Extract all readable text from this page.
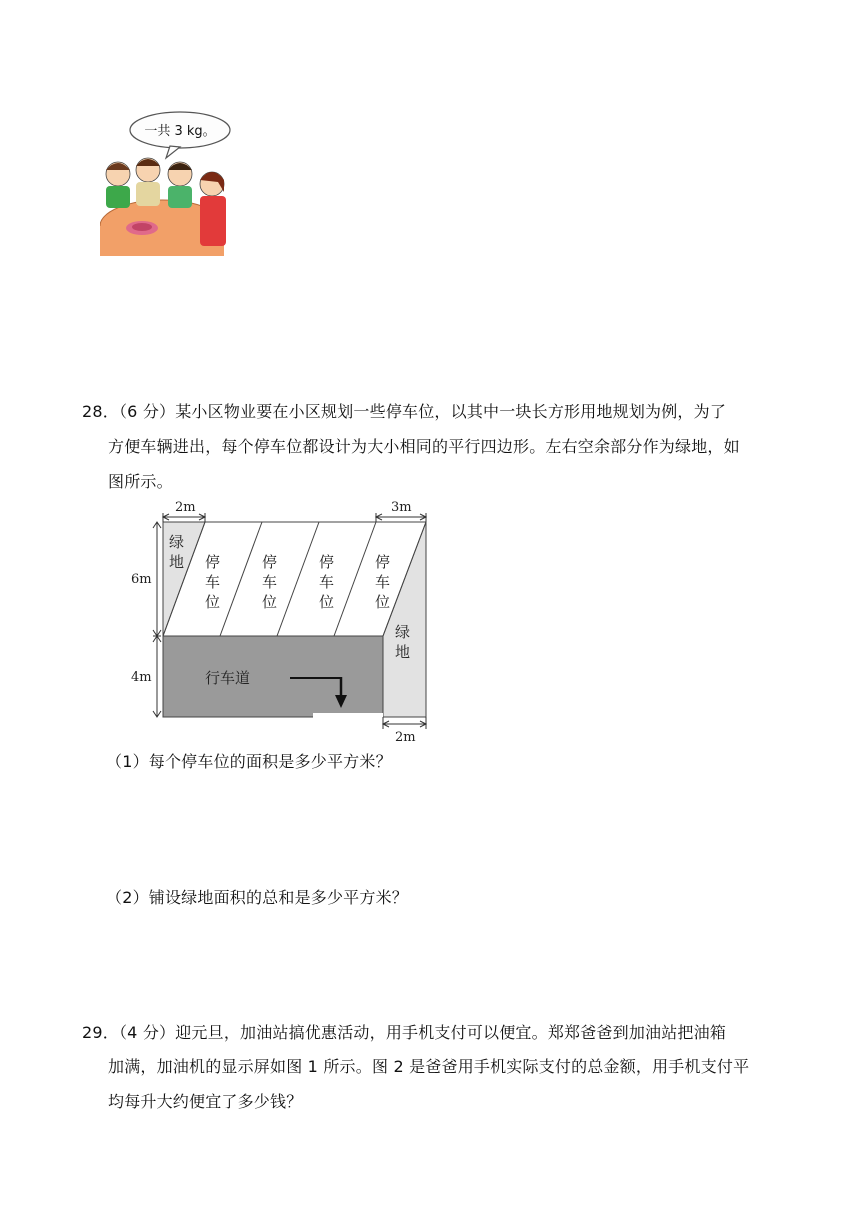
一共 3 kg。
28．（6 分）某小区物业要在小区规划一些停车位，以其中一块长方形用地规划为例，为了
方便车辆进出，每个停车位都设计为大小相同的平行四边形。左右空余部分作为绿地，如
图所示。
6m
4m
2m	3m
2m
绿
地
绿
地
停
车
位
停
车
位
停
车
位
停
车
位
行车道
（1）每个停车位的面积是多少平方米？
（2）铺设绿地面积的总和是多少平方米？
29．（4 分）迎元旦，加油站搞优惠活动，用手机支付可以便宜。郑郑爸爸到加油站把油箱
加满，加油机的显示屏如图 1 所示。图 2 是爸爸用手机实际支付的总金额，用手机支付平
均每升大约便宜了多少钱？
